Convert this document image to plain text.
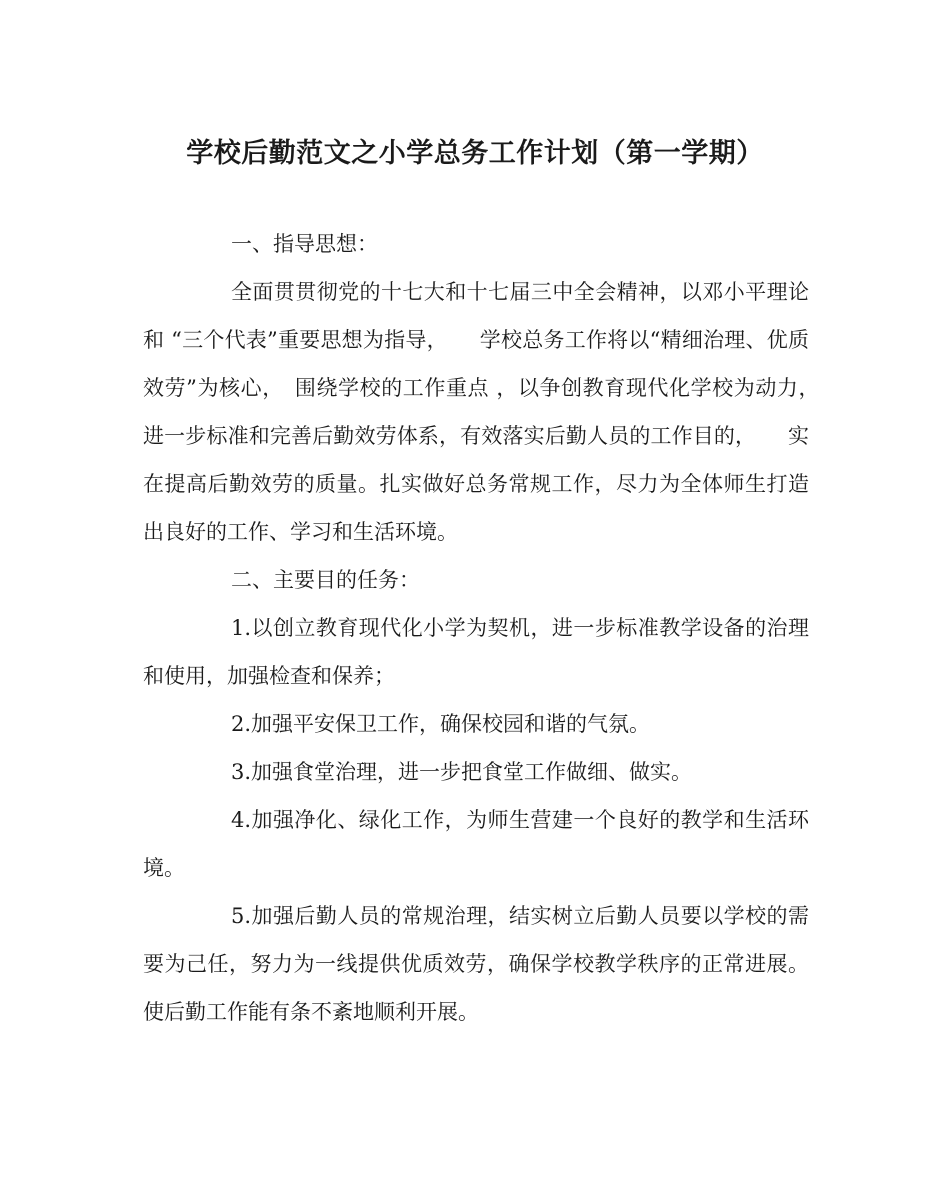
学校后勤范文之小学总务工作计划（第一学期）

一、指导思想：

全面贯贯彻党的十七大和十七届三中全会精神，以邓小平理论和 “三个代表”重要思想为指导，　　学校总务工作将以“精细治理、优质效劳”为核心，　围绕学校的工作重点 ，以争创教育现代化学校为动力，　进一步标准和完善后勤效劳体系，有效落实后勤人员的工作目的，　　实在提高后勤效劳的质量。扎实做好总务常规工作，尽力为全体师生打造出良好的工作、学习和生活环境。

二、主要目的任务：

1.以创立教育现代化小学为契机，进一步标准教学设备的治理和使用，加强检查和保养；

2.加强平安保卫工作，确保校园和谐的气氛。

3.加强食堂治理，进一步把食堂工作做细、做实。

4.加强净化、绿化工作，为师生营建一个良好的教学和生活环境。

5.加强后勤人员的常规治理，结实树立后勤人员要以学校的需要为己任，努力为一线提供优质效劳，确保学校教学秩序的正常进展。使后勤工作能有条不紊地顺利开展。
